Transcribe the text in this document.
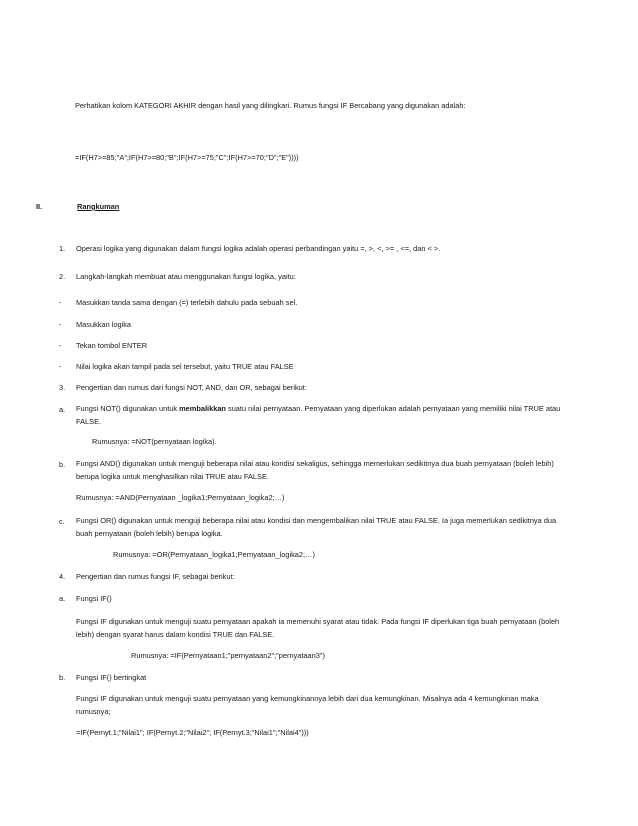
Perhatikan kolom KATEGORI AKHIR dengan hasil yang dilingkari. Rumus fungsi IF Bercabang yang digunakan adalah:
=IF(H7>=85;"A";IF(H7>=80;"B";IF(H7>=75;"C";IF(H7>=70;"D";"E"))))
II.	Rangkuman
1. Operasi logika yang digunakan dalam fungsi logika adalah operasi perbandingan yaitu =, >, <, >= , <=, dan < >.
2. Langkah-langkah membuat atau menggunakan fungsi logika, yaitu:
- Masukkan tanda sama dengan (=) terlebih dahulu pada sebuah sel.
- Masukkan logika
- Tekan tombol ENTER
- Nilai logika akan tampil pada sel tersebut, yaitu TRUE atau FALSE
3. Pengertian dan rumus dari fungsi NOT, AND, dan OR, sebagai berikut:
a. Fungsi NOT() digunakan untuk membalikkan suatu nilai pernyataan. Pernyataan yang diperlukan adalah pernyataan yang memiliki nilai TRUE atau FALSE.
Rumusnya: =NOT(pernyataan logika).
b. Fungsi AND() digunakan untuk menguji beberapa nilai atau kondisi sekaligus, sehingga memerlukan sedikitnya dua buah pernyataan (boleh lebih) berupa logika untuk menghasilkan nilai TRUE atau FALSE.
Rumusnya: =AND(Pernyataan _logika1;Pernyataan_logika2;…)
c. Fungsi OR() digunakan untuk menguji beberapa nilai atau kondisi dan mengembalikan nilai TRUE atau FALSE. Ia juga memerlukan sedikitnya dua buah pernyataan (boleh lebih) berupa logika.
Rumusnya: =OR(Pernyataan_logika1;Pernyataan_logika2;…)
4. Pengertian dan rumus fungsi IF, sebagai berikut:
a. Fungsi IF()
Fungsi IF digunakan untuk menguji suatu pernyataan apakah ia memenuhi syarat atau tidak. Pada fungsi IF diperlukan tiga buah pernyataan (boleh lebih) dengan syarat harus dalam kondisi TRUE dan FALSE.
Rumusnya: =IF(Pernyataan1;"pernyataan2";"pernyataan3")
b. Fungsi IF() bertingkat
Fungsi IF digunakan untuk menguji suatu pernyataan yang kemungkinannya lebih dari dua kemungkinan. Misalnya ada 4 kemungkinan maka rumusnya;
=IF(Pernyt.1;"Nilai1"; IF(Pernyt.2;"Nilai2"; IF(Pernyt.3;"Nilai1";"Nilai4")))
